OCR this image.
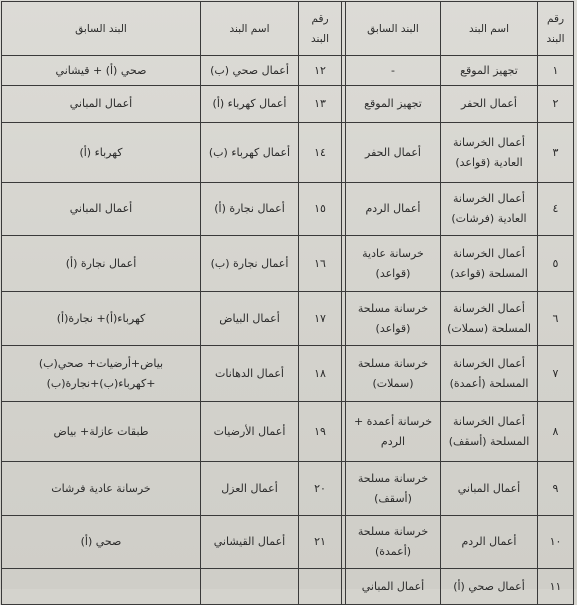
رقم البند	اسم البند	البند السابق		رقم البند	اسم البند	البند السابق
١	تجهيز الموقع	-		١٢	أعمال صحي (ب)	صحي (أ) + قيشاني
٢	أعمال الحفر	تجهيز الموقع		١٣	أعمال كهرباء (أ)	أعمال المباني
٣	أعمال الخرسانة العادية (قواعد)	أعمال الحفر		١٤	أعمال كهرباء (ب)	كهرباء (أ)
٤	أعمال الخرسانة العادية (فرشات)	أعمال الردم		١٥	أعمال نجارة (أ)	أعمال المباني
٥	أعمال الخرسانة المسلحة (قواعد)	خرسانة عادية (قواعد)		١٦	أعمال نجارة (ب)	أعمال نجارة (أ)
٦	أعمال الخرسانة المسلحة (سملات)	خرسانة مسلحة (قواعد)		١٧	أعمال البياض	كهرباء(أ)+ نجارة(أ)
٧	أعمال الخرسانة المسلحة (أعمدة)	خرسانة مسلحة (سملات)		١٨	أعمال الدهانات	بياض+أرضيات+ صحي(ب) +كهرباء(ب)+نجارة(ب)
٨	أعمال الخرسانة المسلحة (أسقف)	خرسانة أعمدة + الردم		١٩	أعمال الأرضيات	طبقات عازلة+ بياض
٩	أعمال المباني	خرسانة مسلحة (أسقف)		٢٠	أعمال العزل	خرسانة عادية فرشات
١٠	أعمال الردم	خرسانة مسلحة (أعمدة)		٢١	أعمال القيشاني	صحي (أ)
١١	أعمال صحي (أ)	أعمال المباني				
